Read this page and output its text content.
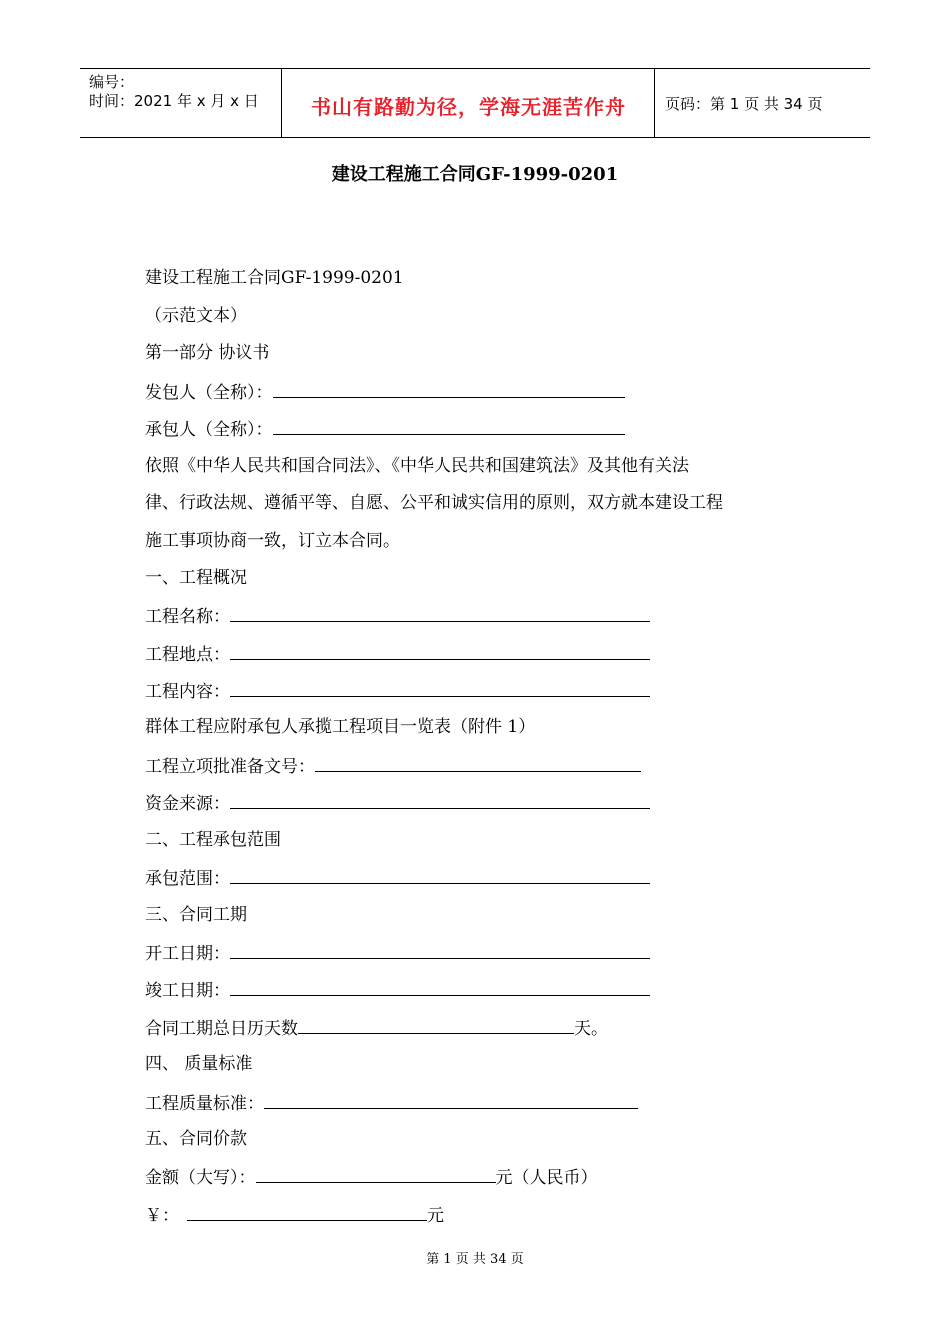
编号：
时间：2021 年 x 月 x 日	书山有路勤为径，学海无涯苦作舟	页码：第 1 页 共 34 页
建设工程施工合同GF-1999-0201
建设工程施工合同GF-1999-0201
（示范文本）
第一部分 协议书
发包人（全称）：
承包人（全称）：
依照《中华人民共和国合同法》、《中华人民共和国建筑法》及其他有关法
律、行政法规、遵循平等、自愿、公平和诚实信用的原则，双方就本建设工程
施工事项协商一致，订立本合同。
一、工程概况
工程名称：
工程地点：
工程内容：
群体工程应附承包人承揽工程项目一览表（附件 1）
工程立项批准备文号：
资金来源：
二、工程承包范围
承包范围：
三、合同工期
开工日期：
竣工日期：
合同工期总日历天数	天。
四、 质量标准
工程质量标准：
五、合同价款
金额（大写）：	元（人民币）
￥：	元
第 1 页 共 34 页
